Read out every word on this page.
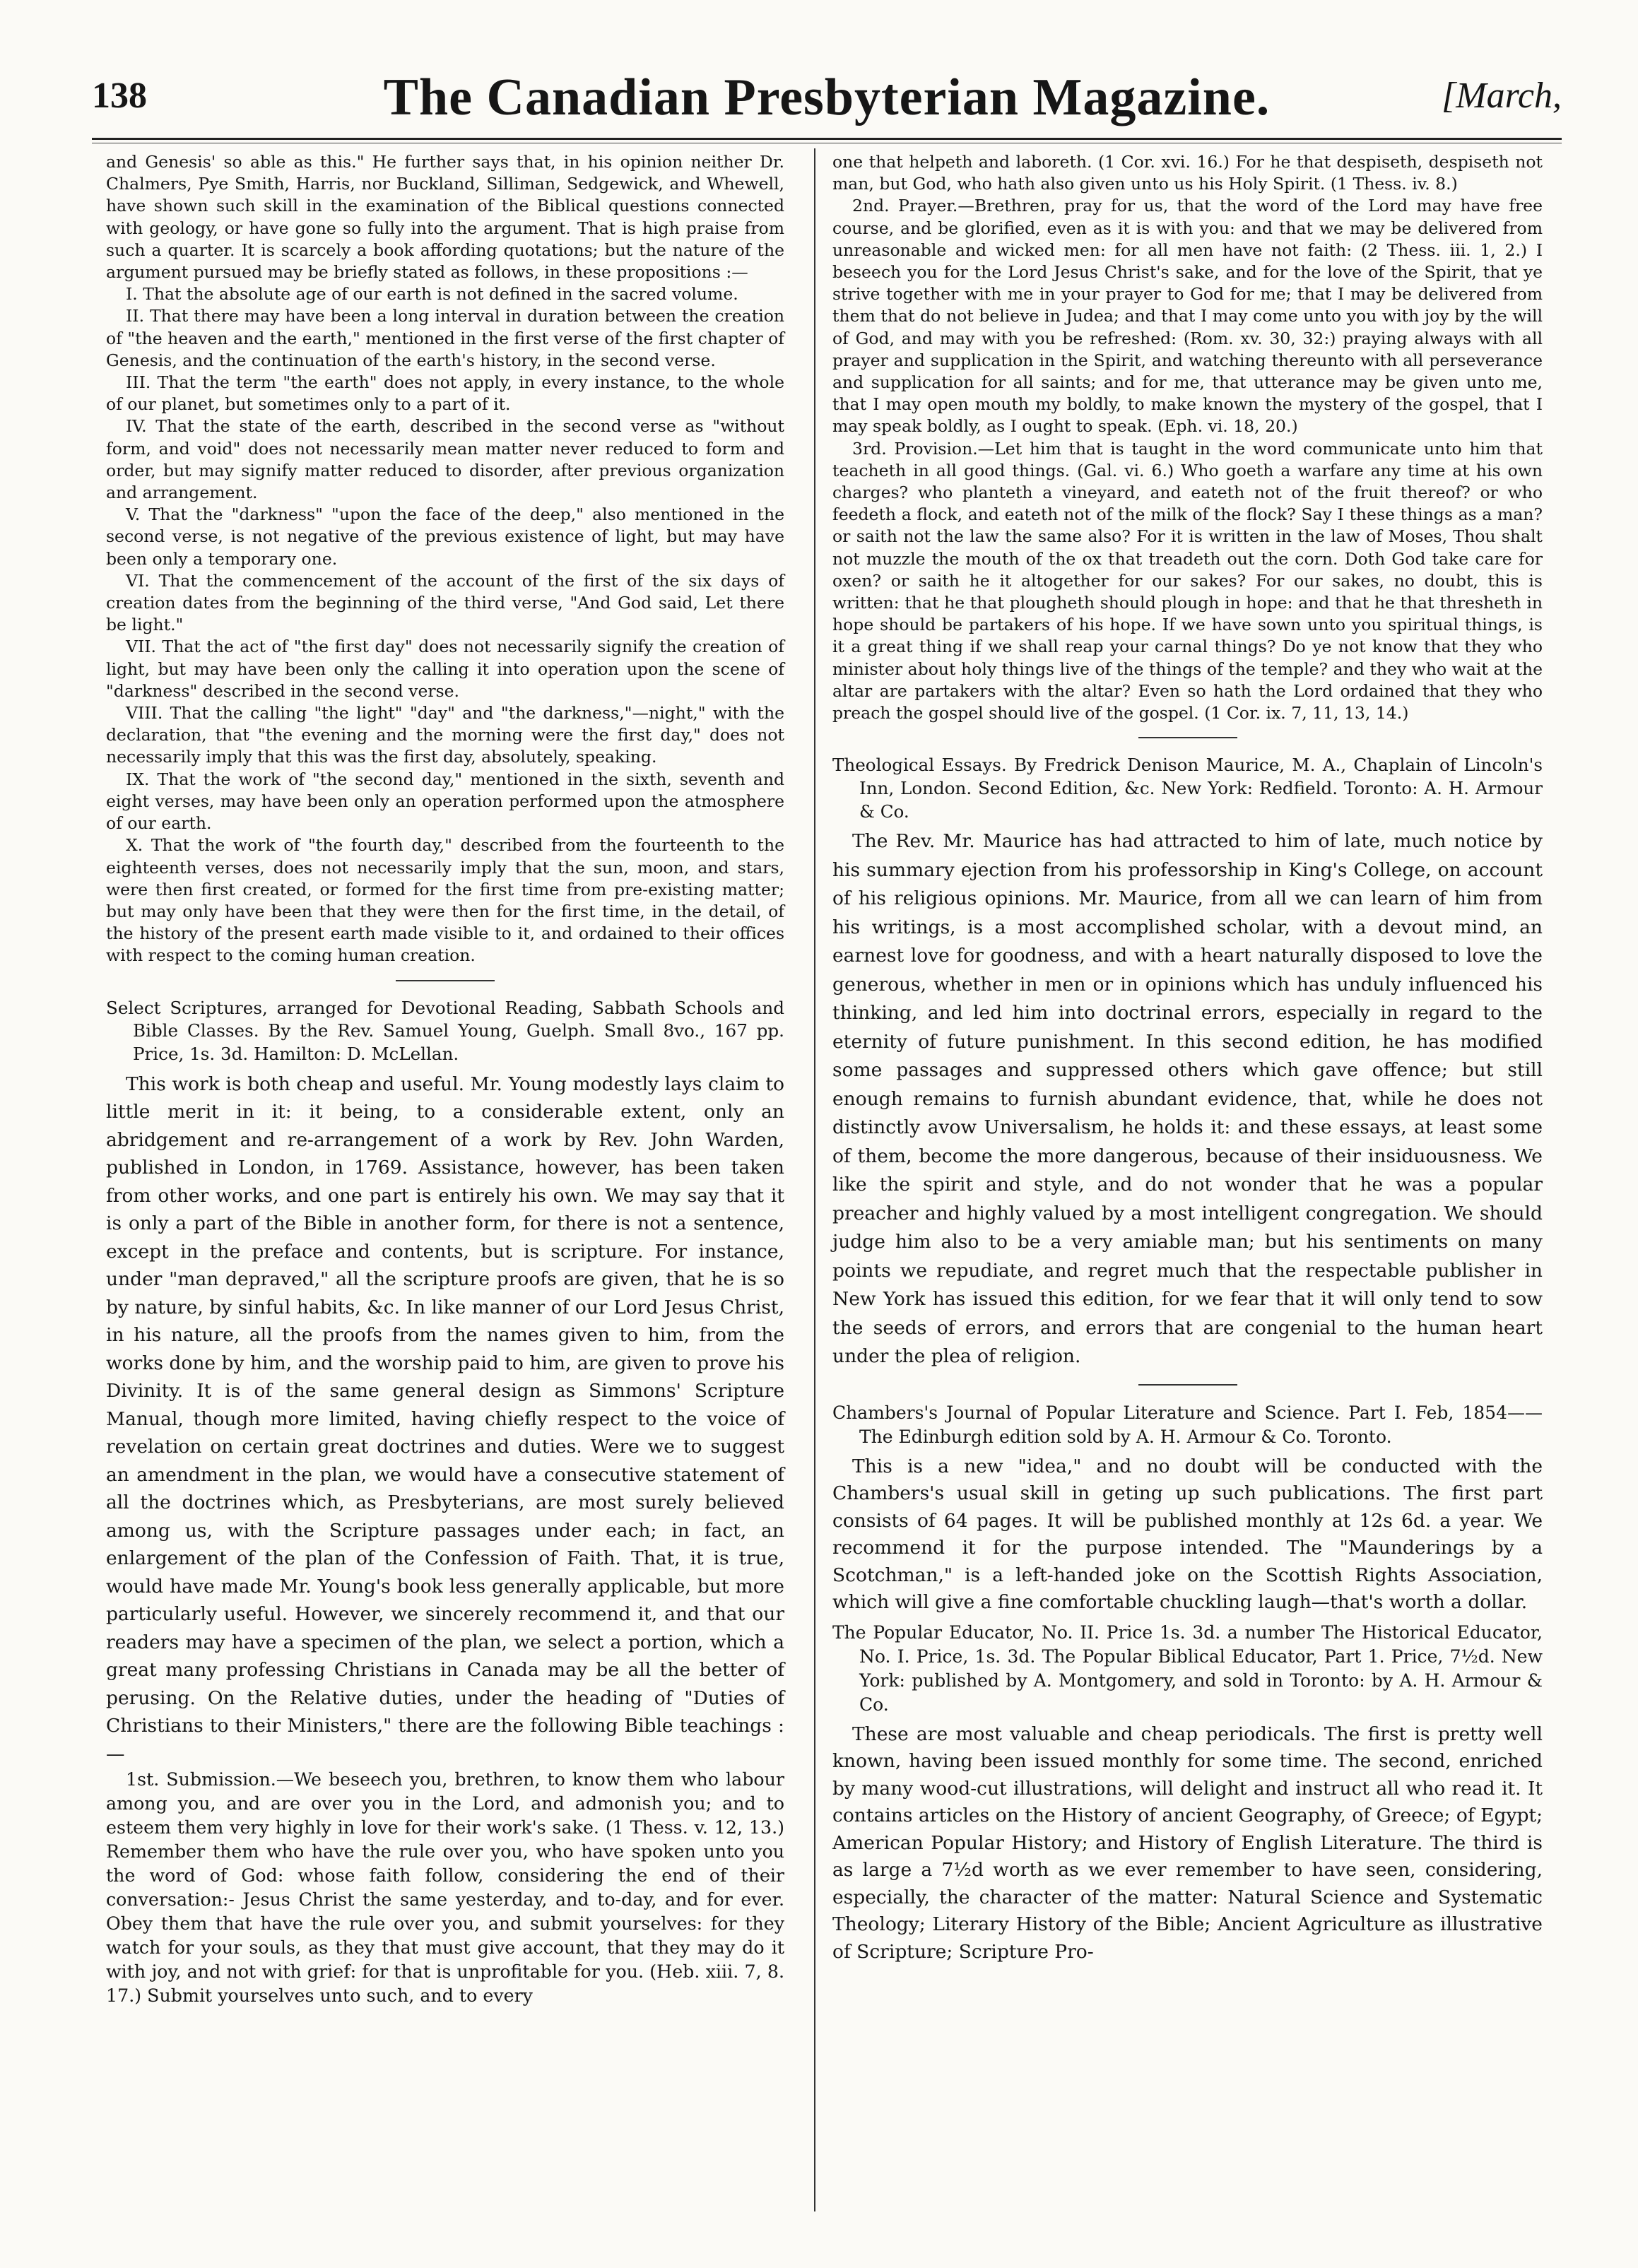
138	The Canadian Presbyterian Magazine.	[March,

and Genesis' so able as this." He further says that, in his opinion neither Dr. Chalmers, Pye Smith, Harris, nor Buckland, Silliman, Sedgewick, and Whewell, have shown such skill in the examination of the Biblical questions connected with geology, or have gone so fully into the argument. That is high praise from such a quarter. It is scarcely a book affording quotations; but the nature of the argument pursued may be briefly stated as follows, in these propositions :—

I. That the absolute age of our earth is not defined in the sacred volume.

II. That there may have been a long interval in duration between the creation of "the heaven and the earth," mentioned in the first verse of the first chapter of Genesis, and the continuation of the earth's history, in the second verse.

III. That the term "the earth" does not apply, in every instance, to the whole of our planet, but sometimes only to a part of it.

IV. That the state of the earth, described in the second verse as "without form, and void" does not necessarily mean matter never reduced to form and order, but may signify matter reduced to disorder, after previous organization and arrangement.

V. That the "darkness" "upon the face of the deep," also mentioned in the second verse, is not negative of the previous existence of light, but may have been only a temporary one.

VI. That the commencement of the account of the first of the six days of creation dates from the beginning of the third verse, "And God said, Let there be light."

VII. That the act of "the first day" does not necessarily signify the creation of light, but may have been only the calling it into operation upon the scene of "darkness" described in the second verse.

VIII. That the calling "the light" "day" and "the darkness,"—night," with the declaration, that "the evening and the morning were the first day," does not necessarily imply that this was the first day, absolutely, speaking.

IX. That the work of "the second day," mentioned in the sixth, seventh and eight verses, may have been only an operation performed upon the atmosphere of our earth.

X. That the work of "the fourth day," described from the fourteenth to the eighteenth verses, does not necessarily imply that the sun, moon, and stars, were then first created, or formed for the first time from pre-existing matter; but may only have been that they were then for the first time, in the detail, of the history of the present earth made visible to it, and ordained to their offices with respect to the coming human creation.

Select Scriptures, arranged for Devotional Reading, Sabbath Schools and Bible Classes. By the Rev. Samuel Young, Guelph. Small 8vo., 167 pp. Price, 1s. 3d. Hamilton: D. McLellan.

This work is both cheap and useful. Mr. Young modestly lays claim to little merit in it: it being, to a considerable extent, only an abridgement and re-arrangement of a work by Rev. John Warden, published in London, in 1769. Assistance, however, has been taken from other works, and one part is entirely his own. We may say that it is only a part of the Bible in another form, for there is not a sentence, except in the preface and contents, but is scripture. For instance, under "man depraved," all the scripture proofs are given, that he is so by nature, by sinful habits, &c. In like manner of our Lord Jesus Christ, in his nature, all the proofs from the names given to him, from the works done by him, and the worship paid to him, are given to prove his Divinity. It is of the same general design as Simmons' Scripture Manual, though more limited, having chiefly respect to the voice of revelation on certain great doctrines and duties. Were we to suggest an amendment in the plan, we would have a consecutive statement of all the doctrines which, as Presbyterians, are most surely believed among us, with the Scripture passages under each; in fact, an enlargement of the plan of the Confession of Faith. That, it is true, would have made Mr. Young's book less generally applicable, but more particularly useful. However, we sincerely recommend it, and that our readers may have a specimen of the plan, we select a portion, which a great many professing Christians in Canada may be all the better of perusing. On the Relative duties, under the heading of "Duties of Christians to their Ministers," there are the following Bible teachings :—

1st. Submission.—We beseech you, brethren, to know them who labour among you, and are over you in the Lord, and admonish you; and to esteem them very highly in love for their work's sake. (1 Thess. v. 12, 13.) Remember them who have the rule over you, who have spoken unto you the word of God: whose faith follow, considering the end of their conversation:- Jesus Christ the same yesterday, and to-day, and for ever. Obey them that have the rule over you, and submit yourselves: for they watch for your souls, as they that must give account, that they may do it with joy, and not with grief: for that is unprofitable for you. (Heb. xiii. 7, 8. 17.) Submit yourselves unto such, and to every

one that helpeth and laboreth. (1 Cor. xvi. 16.) For he that despiseth, despiseth not man, but God, who hath also given unto us his Holy Spirit. (1 Thess. iv. 8.)

2nd. Prayer.—Brethren, pray for us, that the word of the Lord may have free course, and be glorified, even as it is with you: and that we may be delivered from unreasonable and wicked men: for all men have not faith: (2 Thess. iii. 1, 2.) I beseech you for the Lord Jesus Christ's sake, and for the love of the Spirit, that ye strive together with me in your prayer to God for me; that I may be delivered from them that do not believe in Judea; and that I may come unto you with joy by the will of God, and may with you be refreshed: (Rom. xv. 30, 32:) praying always with all prayer and supplication in the Spirit, and watching thereunto with all perseverance and supplication for all saints; and for me, that utterance may be given unto me, that I may open mouth my boldly, to make known the mystery of the gospel, that I may speak boldly, as I ought to speak. (Eph. vi. 18, 20.)

3rd. Provision.—Let him that is taught in the word communicate unto him that teacheth in all good things. (Gal. vi. 6.) Who goeth a warfare any time at his own charges? who planteth a vineyard, and eateth not of the fruit thereof? or who feedeth a flock, and eateth not of the milk of the flock? Say I these things as a man? or saith not the law the same also? For it is written in the law of Moses, Thou shalt not muzzle the mouth of the ox that treadeth out the corn. Doth God take care for oxen? or saith he it altogether for our sakes? For our sakes, no doubt, this is written: that he that plougheth should plough in hope: and that he that thresheth in hope should be partakers of his hope. If we have sown unto you spiritual things, is it a great thing if we shall reap your carnal things? Do ye not know that they who minister about holy things live of the things of the temple? and they who wait at the altar are partakers with the altar? Even so hath the Lord ordained that they who preach the gospel should live of the gospel. (1 Cor. ix. 7, 11, 13, 14.)

Theological Essays. By Fredrick Denison Maurice, M. A., Chaplain of Lincoln's Inn, London. Second Edition, &c. New York: Redfield. Toronto: A. H. Armour & Co.

The Rev. Mr. Maurice has had attracted to him of late, much notice by his summary ejection from his professorship in King's College, on account of his religious opinions. Mr. Maurice, from all we can learn of him from his writings, is a most accomplished scholar, with a devout mind, an earnest love for goodness, and with a heart naturally disposed to love the generous, whether in men or in opinions which has unduly influenced his thinking, and led him into doctrinal errors, especially in regard to the eternity of future punishment. In this second edition, he has modified some passages and suppressed others which gave offence; but still enough remains to furnish abundant evidence, that, while he does not distinctly avow Universalism, he holds it: and these essays, at least some of them, become the more dangerous, because of their insiduousness. We like the spirit and style, and do not wonder that he was a popular preacher and highly valued by a most intelligent congregation. We should judge him also to be a very amiable man; but his sentiments on many points we repudiate, and regret much that the respectable publisher in New York has issued this edition, for we fear that it will only tend to sow the seeds of errors, and errors that are congenial to the human heart under the plea of religion.

Chambers's Journal of Popular Literature and Science. Part I. Feb, 1854——The Edinburgh edition sold by A. H. Armour & Co. Toronto.

This is a new "idea," and no doubt will be conducted with the Chambers's usual skill in geting up such publications. The first part consists of 64 pages. It will be published monthly at 12s 6d. a year. We recommend it for the purpose intended. The "Maunderings by a Scotchman," is a left-handed joke on the Scottish Rights Association, which will give a fine comfortable chuckling laugh—that's worth a dollar.

The Popular Educator, No. II. Price 1s. 3d. a number The Historical Educator, No. I. Price, 1s. 3d. The Popular Biblical Educator, Part 1. Price, 7½d. New York: published by A. Montgomery, and sold in Toronto: by A. H. Armour & Co.

These are most valuable and cheap periodicals. The first is pretty well known, having been issued monthly for some time. The second, enriched by many wood-cut illustrations, will delight and instruct all who read it. It contains articles on the History of ancient Geography, of Greece; of Egypt; American Popular History; and History of English Literature. The third is as large a 7½d worth as we ever remember to have seen, considering, especially, the character of the matter: Natural Science and Systematic Theology; Literary History of the Bible; Ancient Agriculture as illustrative of Scripture; Scripture Pro-
